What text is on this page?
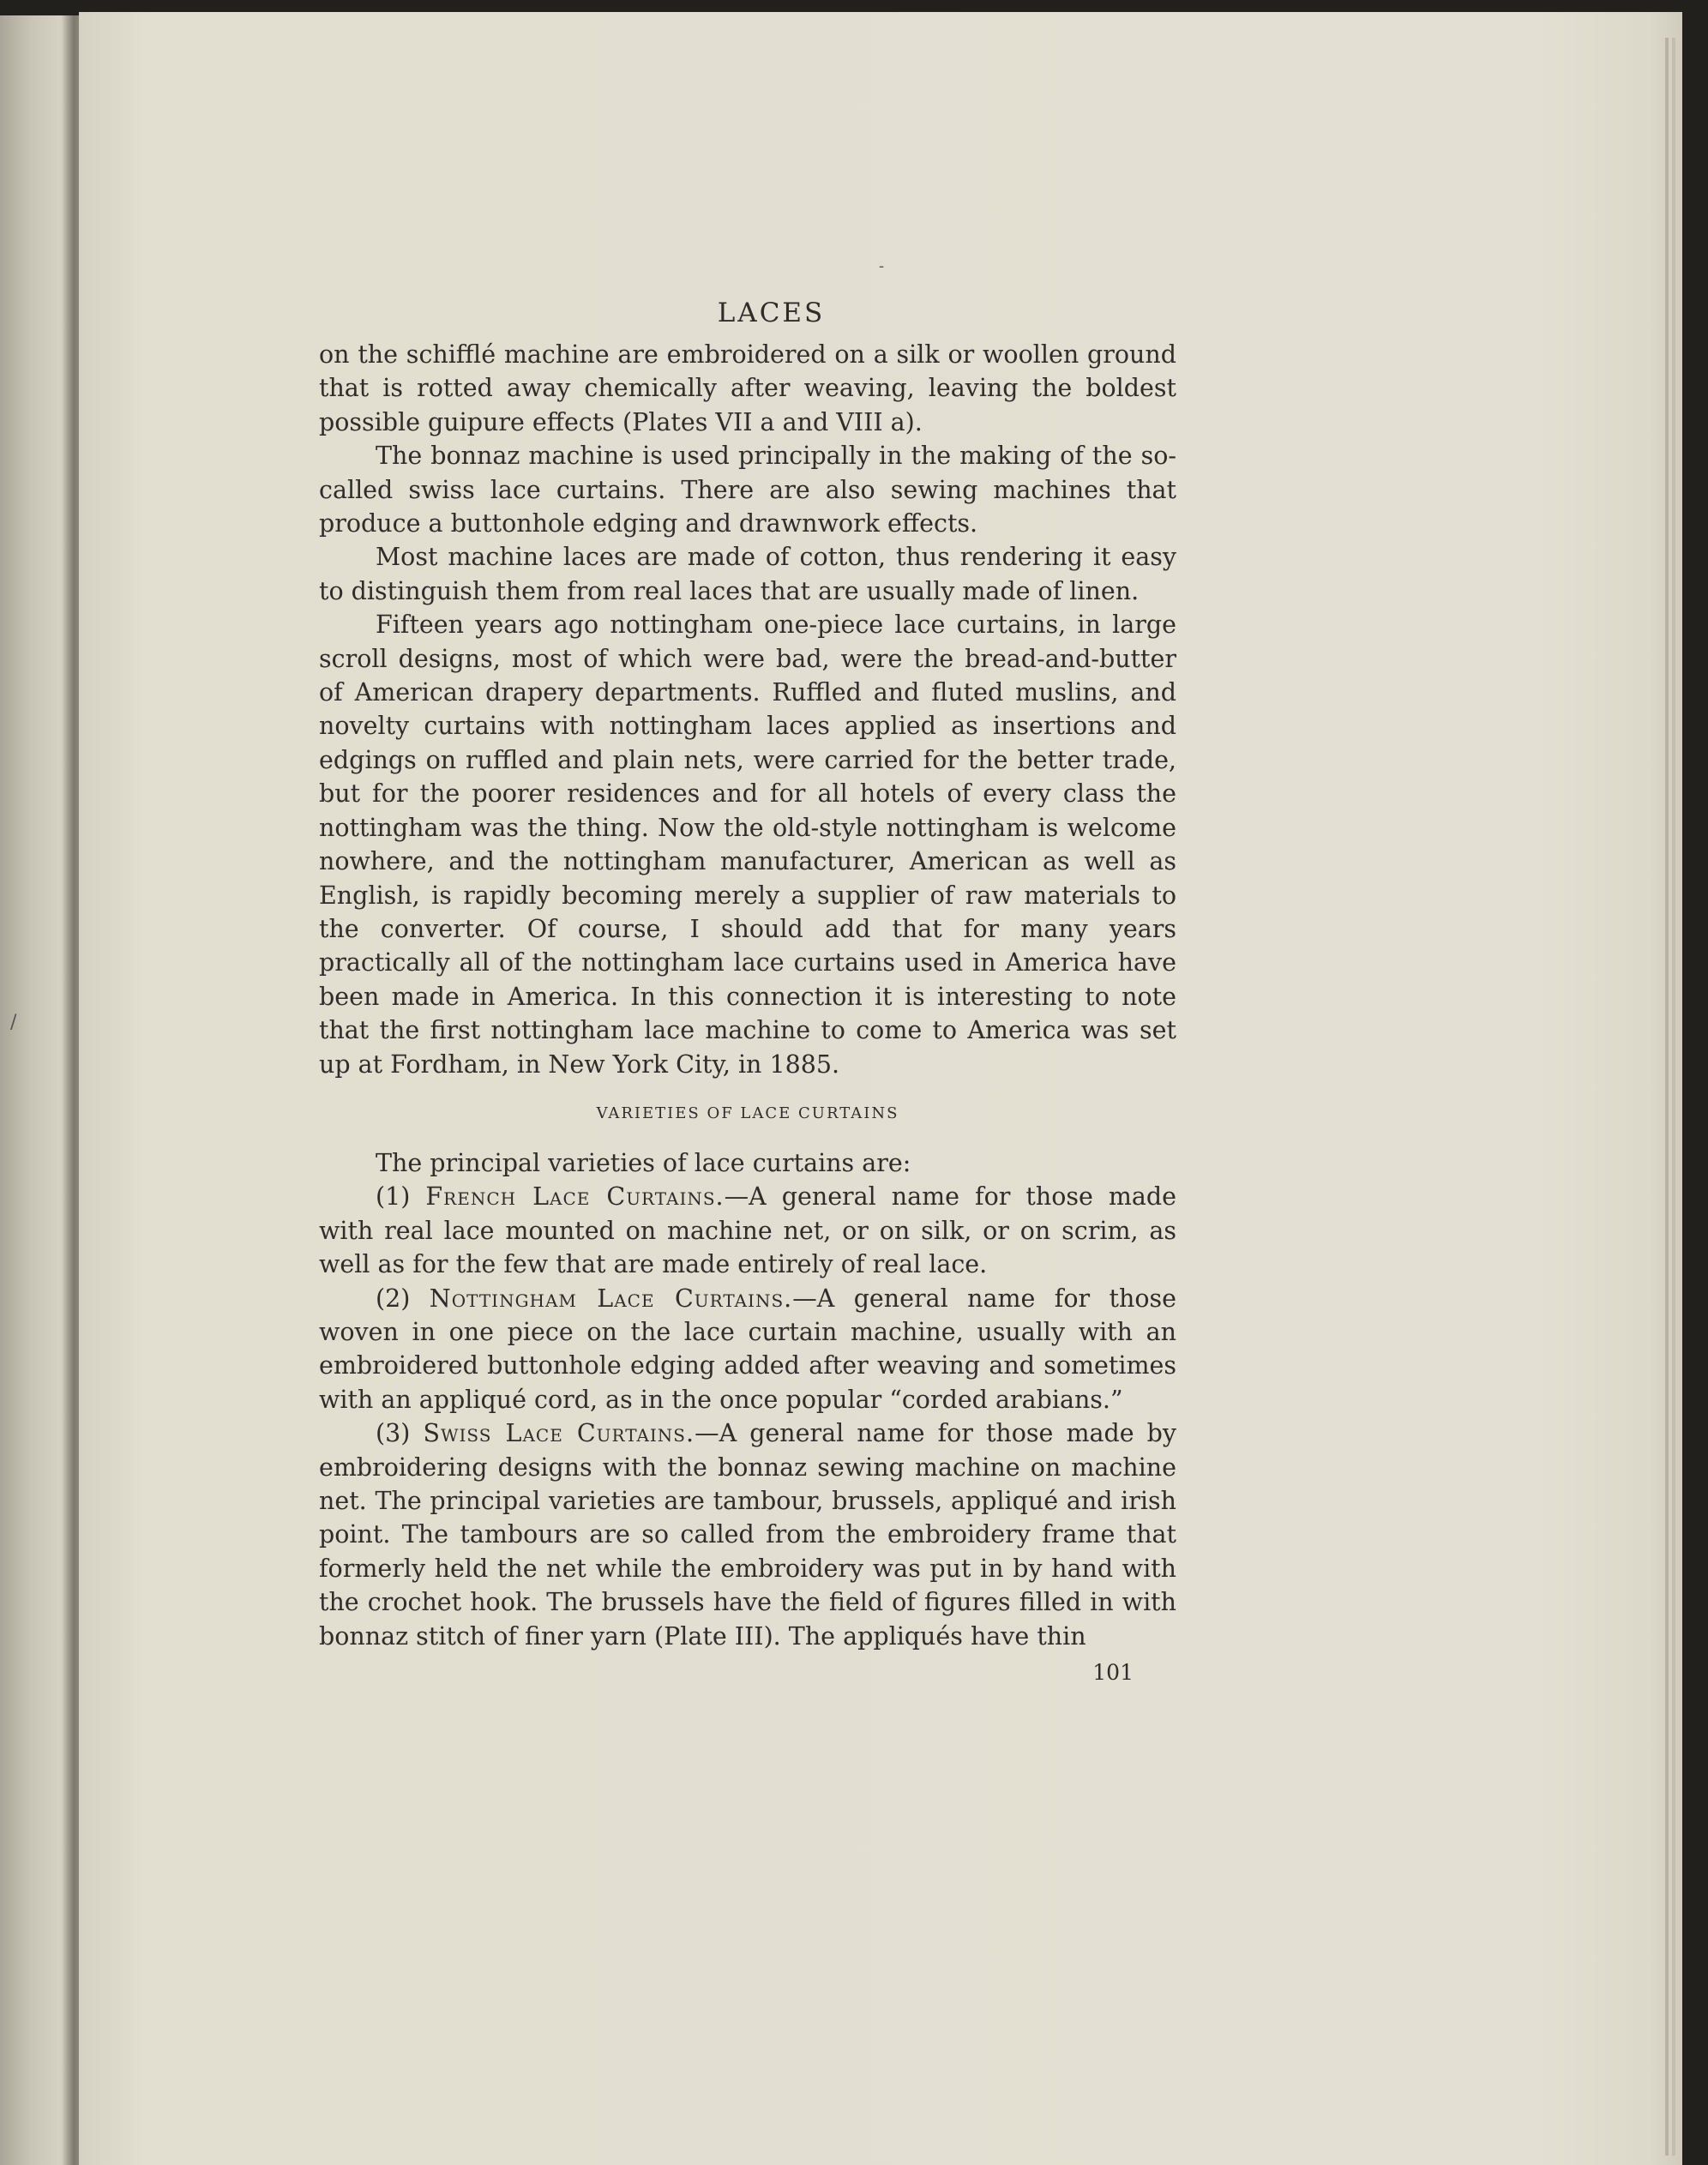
/
-
LACES

on the schifflé machine are embroidered on a silk or woollen ground that is rotted away chemically after weaving, leaving the boldest possible guipure effects (Plates VII a and VIII a).

The bonnaz machine is used principally in the making of the so-called swiss lace curtains. There are also sewing machines that produce a buttonhole edging and drawnwork effects.

Most machine laces are made of cotton, thus rendering it easy to distinguish them from real laces that are usually made of linen.

Fifteen years ago nottingham one-piece lace curtains, in large scroll designs, most of which were bad, were the bread-and-butter of American drapery departments. Ruffled and fluted muslins, and novelty curtains with nottingham laces applied as insertions and edgings on ruffled and plain nets, were carried for the better trade, but for the poorer residences and for all hotels of every class the nottingham was the thing. Now the old-style nottingham is welcome nowhere, and the nottingham manufacturer, American as well as English, is rapidly becoming merely a supplier of raw materials to the converter. Of course, I should add that for many years practically all of the nottingham lace curtains used in America have been made in America. In this connection it is interesting to note that the first nottingham lace machine to come to America was set up at Fordham, in New York City, in 1885.

VARIETIES OF LACE CURTAINS

The principal varieties of lace curtains are:

(1) French Lace Curtains.—A general name for those made with real lace mounted on machine net, or on silk, or on scrim, as well as for the few that are made entirely of real lace.

(2) Nottingham Lace Curtains.—A general name for those woven in one piece on the lace curtain machine, usually with an embroidered buttonhole edging added after weaving and sometimes with an appliqué cord, as in the once popular “corded arabians.”

(3) Swiss Lace Curtains.—A general name for those made by embroidering designs with the bonnaz sewing machine on machine net. The principal varieties are tambour, brussels, appliqué and irish point. The tambours are so called from the embroidery frame that formerly held the net while the embroidery was put in by hand with the crochet hook. The brussels have the field of figures filled in with bonnaz stitch of finer yarn (Plate III). The appliqués have thin

101
